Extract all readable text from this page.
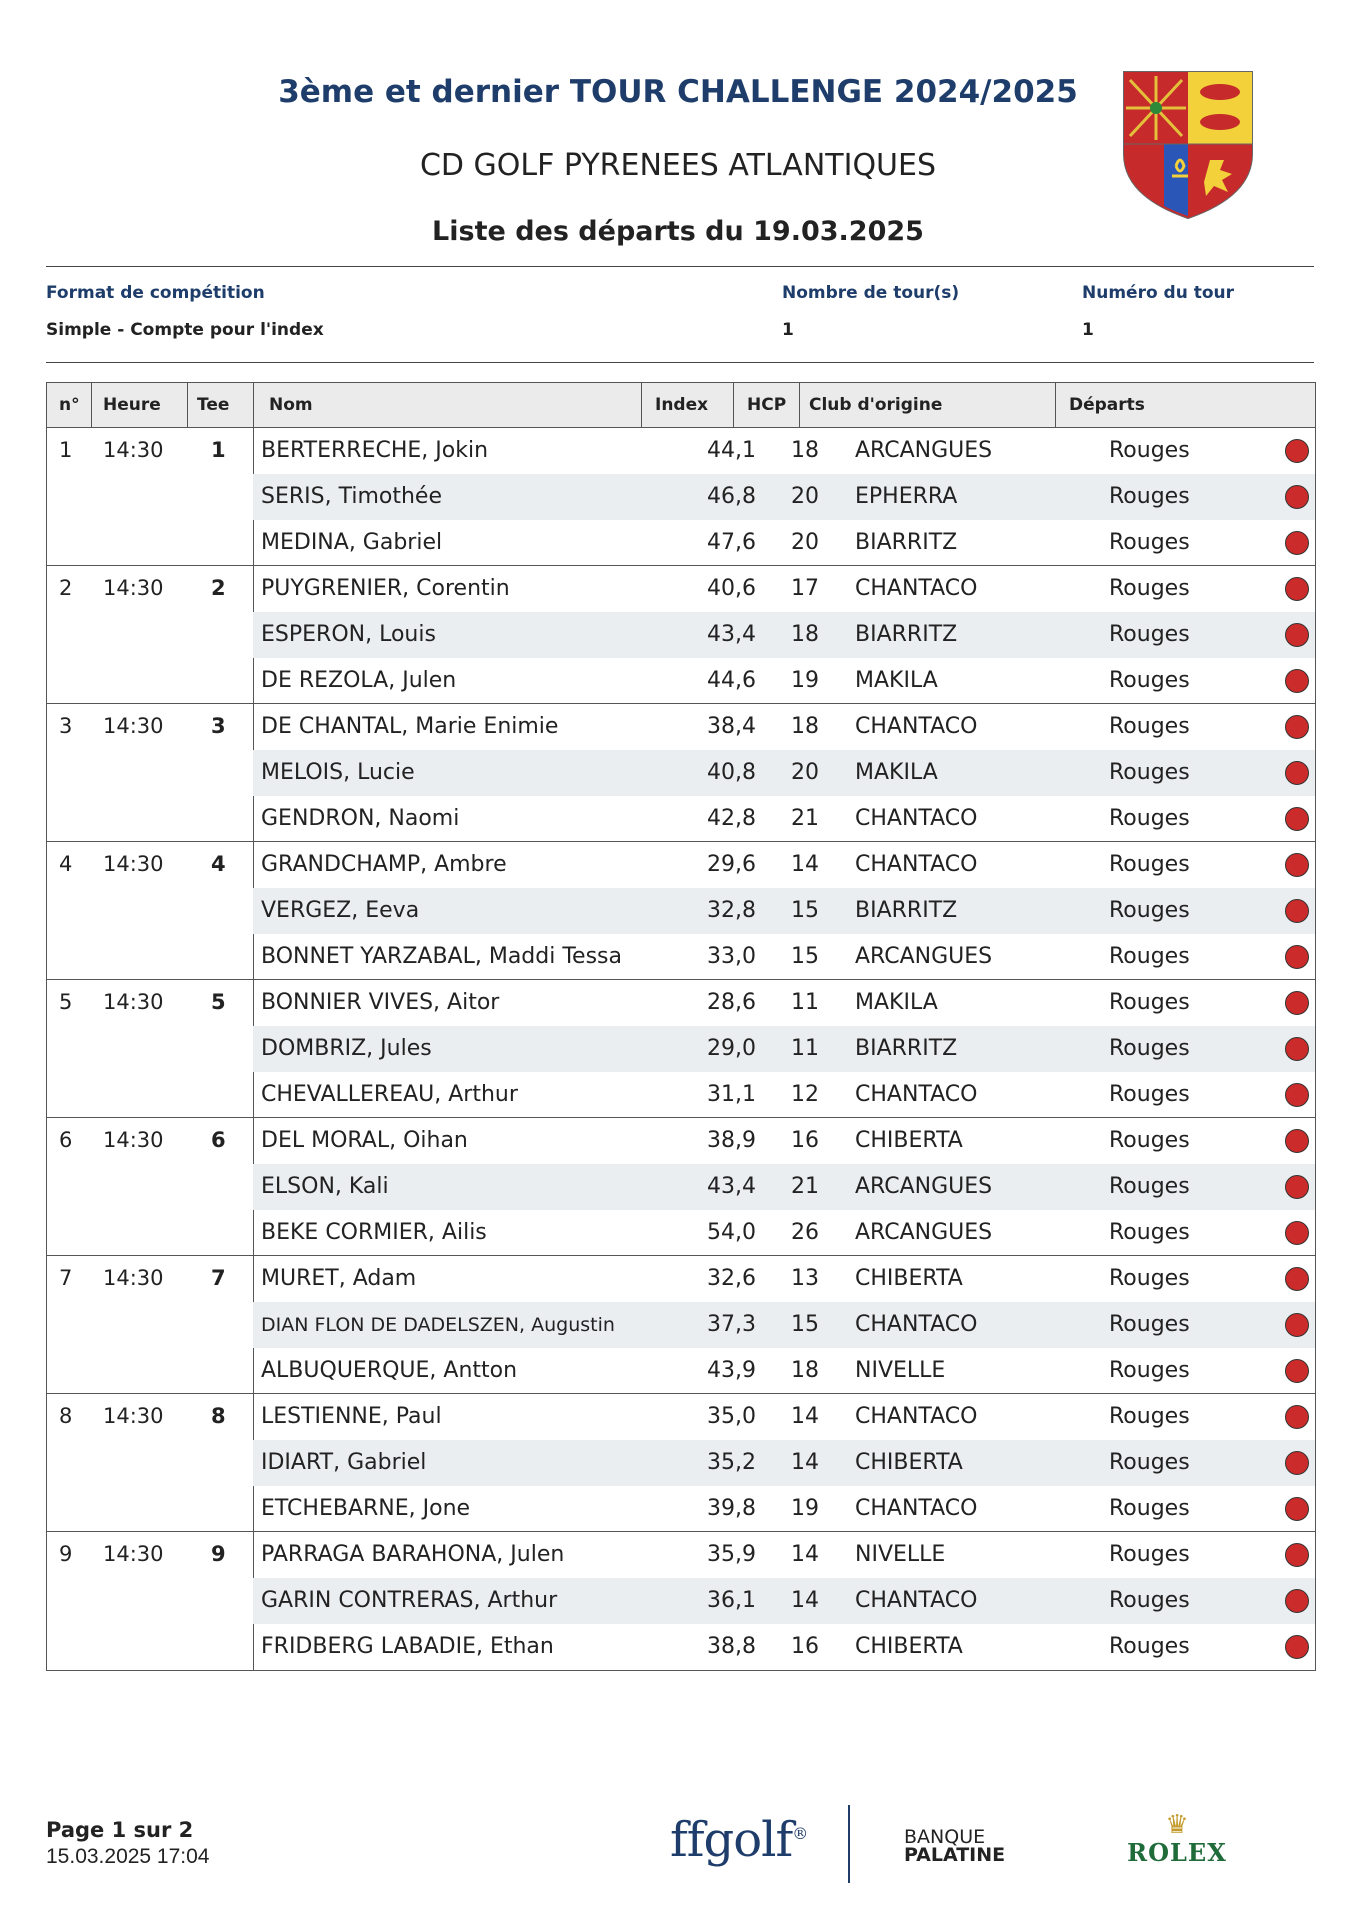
3ème et dernier TOUR CHALLENGE 2024/2025
CD GOLF PYRENEES ATLANTIQUES
Liste des départs du 19.03.2025
Format de compétition
Simple - Compte pour l'index
Nombre de tour(s)
1
Numéro du tour
1
n° Heure Tee Nom	Index HCP Club d'origine	Départs
1 14:30 1 BERTERRECHE, Jokin	44,1 18 ARCANGUES	Rouges
SERIS, Timothée	46,8 20 EPHERRA	Rouges
MEDINA, Gabriel	47,6 20 BIARRITZ	Rouges
2 14:30 2 PUYGRENIER, Corentin	40,6 17 CHANTACO	Rouges
ESPERON, Louis	43,4 18 BIARRITZ	Rouges
DE REZOLA, Julen	44,6 19 MAKILA	Rouges
3 14:30 3 DE CHANTAL, Marie Enimie	38,4 18 CHANTACO	Rouges
MELOIS, Lucie	40,8 20 MAKILA	Rouges
GENDRON, Naomi	42,8 21 CHANTACO	Rouges
4 14:30 4 GRANDCHAMP, Ambre	29,6 14 CHANTACO	Rouges
VERGEZ, Eeva	32,8 15 BIARRITZ	Rouges
BONNET YARZABAL, Maddi Tessa	33,0 15 ARCANGUES	Rouges
5 14:30 5 BONNIER VIVES, Aitor	28,6 11 MAKILA	Rouges
DOMBRIZ, Jules	29,0 11 BIARRITZ	Rouges
CHEVALLEREAU, Arthur	31,1 12 CHANTACO	Rouges
6 14:30 6 DEL MORAL, Oihan	38,9 16 CHIBERTA	Rouges
ELSON, Kali	43,4 21 ARCANGUES	Rouges
BEKE CORMIER, Ailis	54,0 26 ARCANGUES	Rouges
7 14:30 7 MURET, Adam	32,6 13 CHIBERTA	Rouges
DIAN FLON DE DADELSZEN, Augustin	37,3 15 CHANTACO	Rouges
ALBUQUERQUE, Antton	43,9 18 NIVELLE	Rouges
8 14:30 8 LESTIENNE, Paul	35,0 14 CHANTACO	Rouges
IDIART, Gabriel	35,2 14 CHIBERTA	Rouges
ETCHEBARNE, Jone	39,8 19 CHANTACO	Rouges
9 14:30 9 PARRAGA BARAHONA, Julen	35,9 14 NIVELLE	Rouges
GARIN CONTRERAS, Arthur	36,1 14 CHANTACO	Rouges
FRIDBERG LABADIE, Ethan	38,8 16 CHIBERTA	Rouges
Page 1 sur 2
15.03.2025 17:04	ffgolf®	BANQUE
PALATINE
♛
ROLEX
